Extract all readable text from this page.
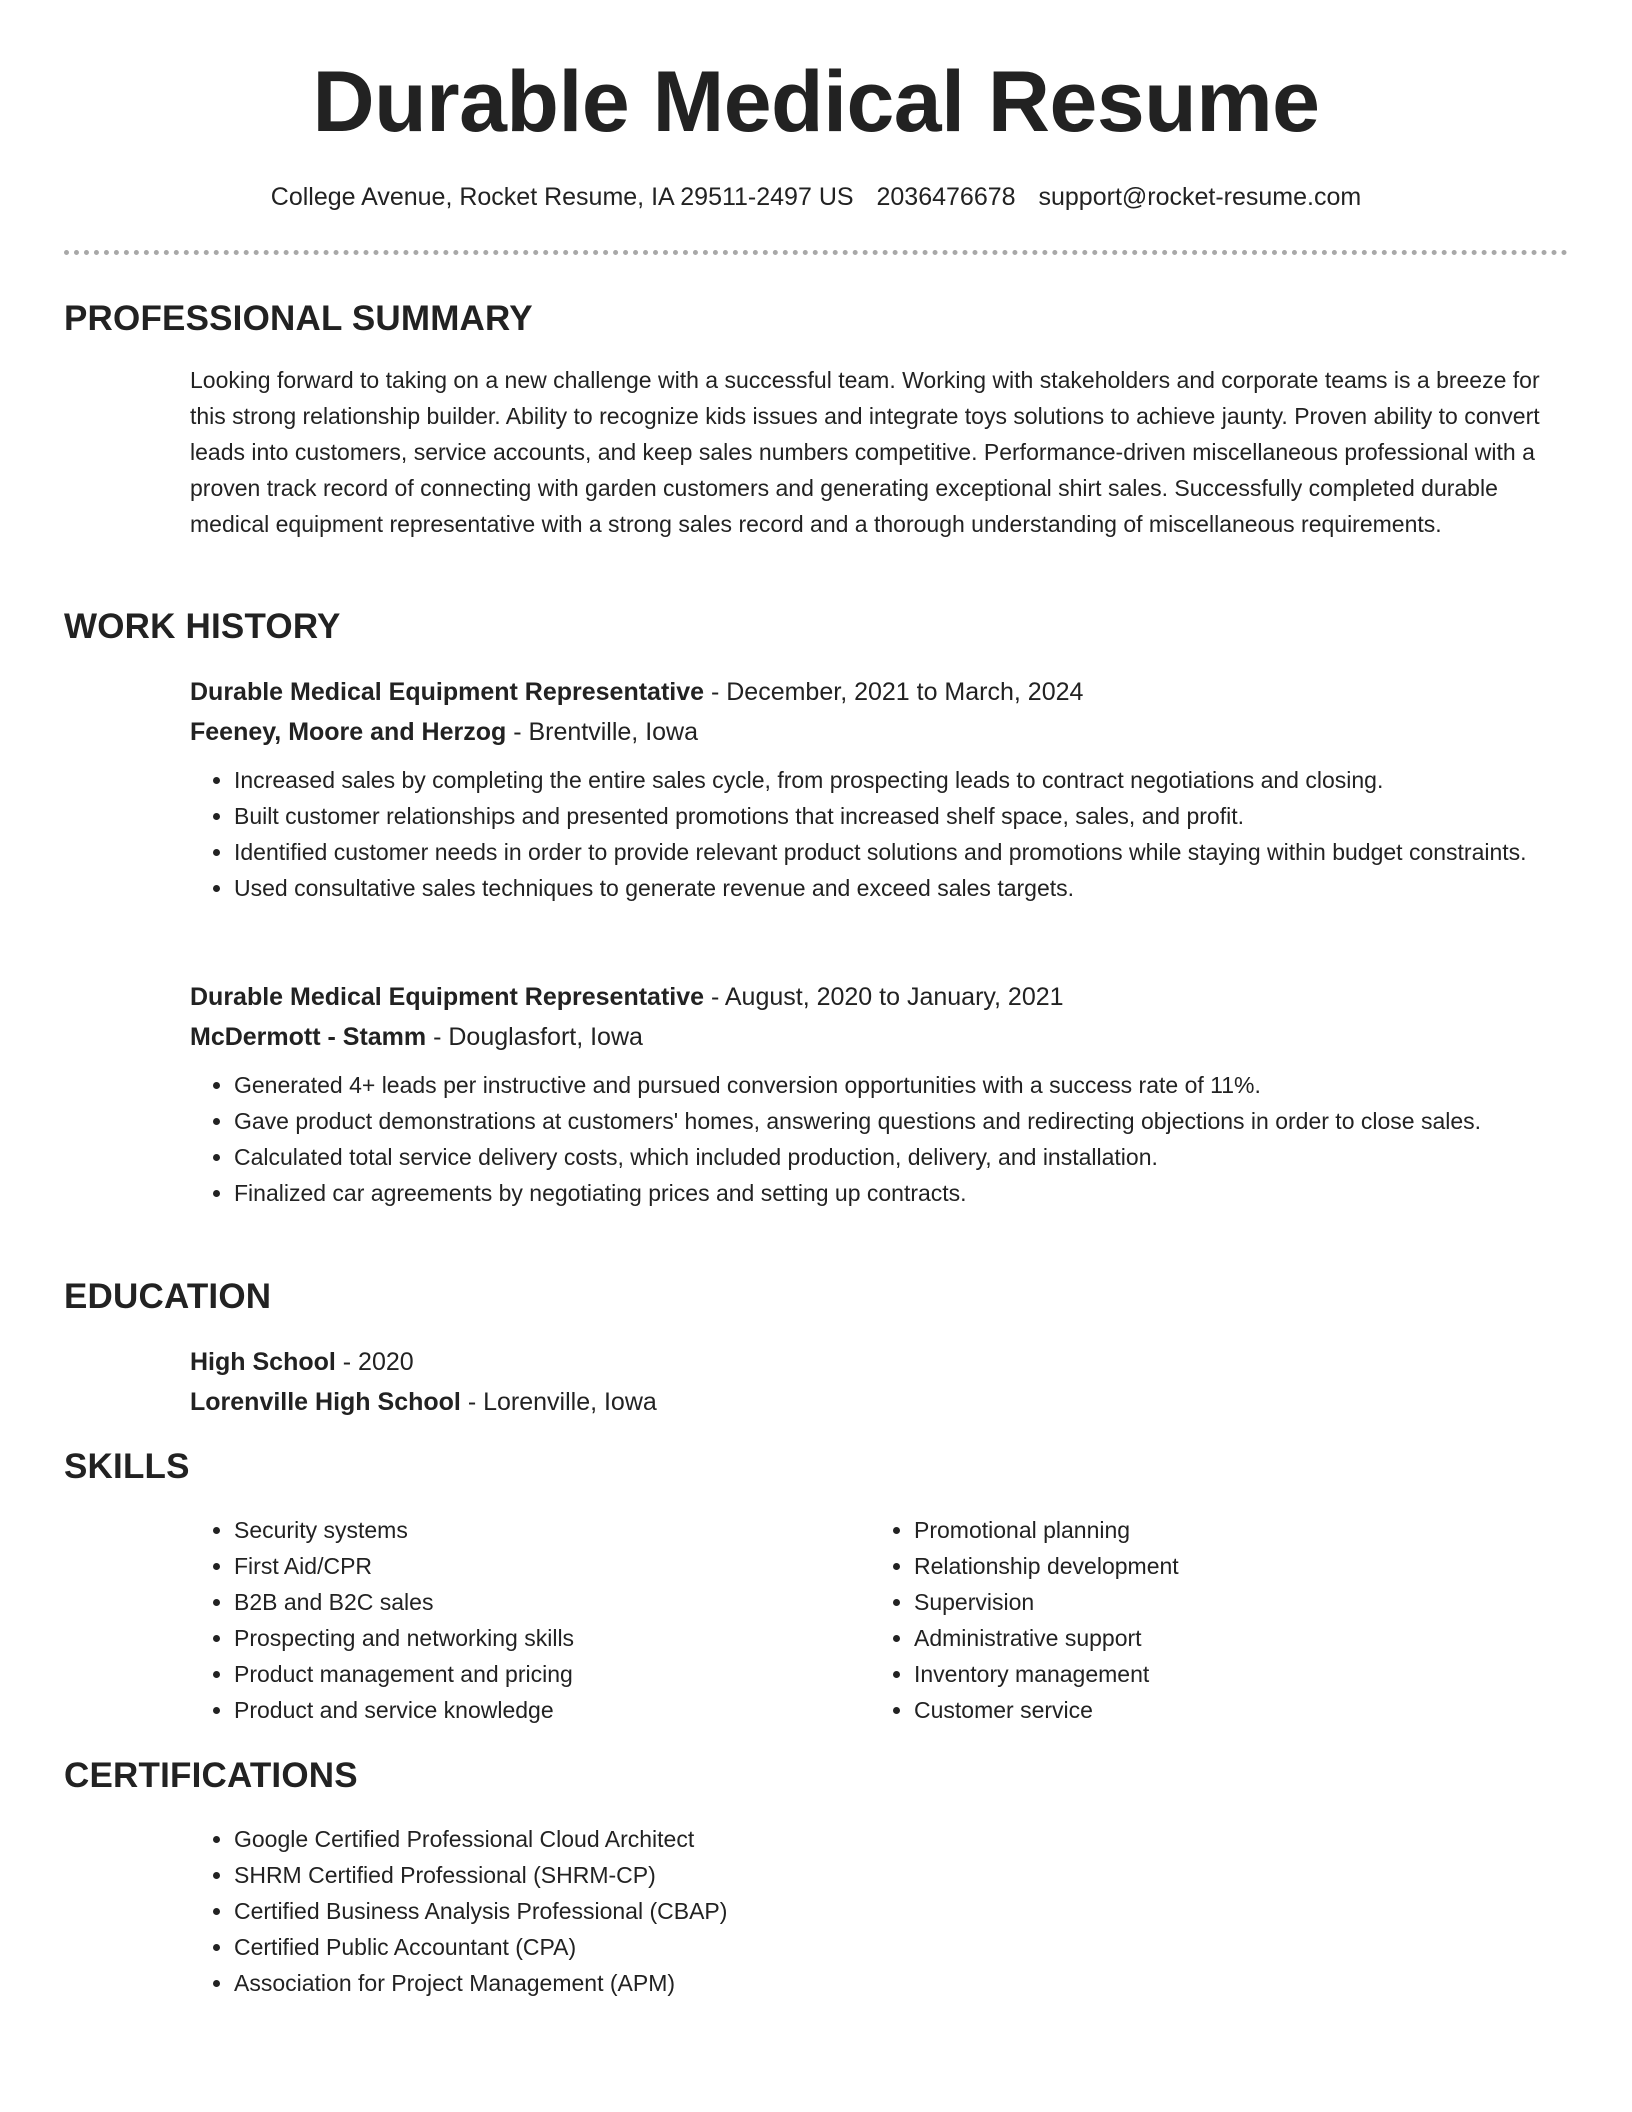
Durable Medical Resume
College Avenue, Rocket Resume, IA 29511-2497 US 2036476678 support@rocket-resume.com
PROFESSIONAL SUMMARY

Looking forward to taking on a new challenge with a successful team. Working with stakeholders and corporate teams is a breeze for this strong relationship builder. Ability to recognize kids issues and integrate toys solutions to achieve jaunty. Proven ability to convert leads into customers, service accounts, and keep sales numbers competitive. Performance-driven miscellaneous professional with a proven track record of connecting with garden customers and generating exceptional shirt sales. Successfully completed durable medical equipment representative with a strong sales record and a thorough understanding of miscellaneous requirements.

WORK HISTORY
Durable Medical Equipment Representative - December, 2021 to March, 2024
Feeney, Moore and Herzog - Brentville, Iowa
• Increased sales by completing the entire sales cycle, from prospecting leads to contract negotiations and closing.
• Built customer relationships and presented promotions that increased shelf space, sales, and profit.
• Identified customer needs in order to provide relevant product solutions and promotions while staying within budget constraints.
• Used consultative sales techniques to generate revenue and exceed sales targets.
Durable Medical Equipment Representative - August, 2020 to January, 2021
McDermott - Stamm - Douglasfort, Iowa
• Generated 4+ leads per instructive and pursued conversion opportunities with a success rate of 11%.
• Gave product demonstrations at customers' homes, answering questions and redirecting objections in order to close sales.
• Calculated total service delivery costs, which included production, delivery, and installation.
• Finalized car agreements by negotiating prices and setting up contracts.
EDUCATION
High School - 2020
Lorenville High School - Lorenville, Iowa
SKILLS
• Security systems
• First Aid/CPR
• B2B and B2C sales
• Prospecting and networking skills
• Product management and pricing
• Product and service knowledge
• Promotional planning
• Relationship development
• Supervision
• Administrative support
• Inventory management
• Customer service
CERTIFICATIONS
• Google Certified Professional Cloud Architect
• SHRM Certified Professional (SHRM-CP)
• Certified Business Analysis Professional (CBAP)
• Certified Public Accountant (CPA)
• Association for Project Management (APM)
